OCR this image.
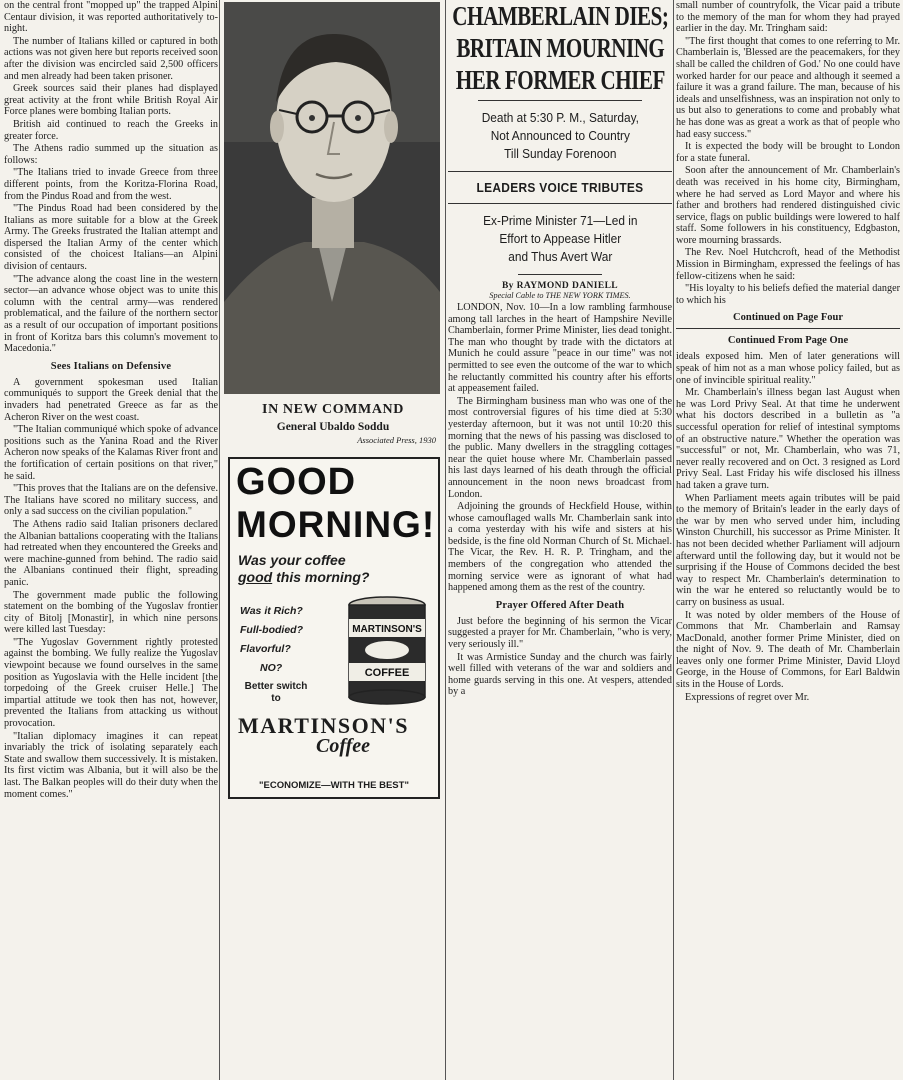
on the central front "mopped up" the trapped Alpini Centaur division, it was reported authoritatively to-night.

The number of Italians killed or captured in both actions was not given here but reports received soon after the division was encircled said 2,500 officers and men already had been taken prisoner.

Greek sources said their planes had displayed great activity at the front while British Royal Air Force planes were bombing Italian ports.

British aid continued to reach the Greeks in greater force.

The Athens radio summed up the situation as follows:

"The Italians tried to invade Greece from three different points, from the Koritza-Florina Road, from the Pindus Road and from the west.

"The Pindus Road had been considered by the Italians as more suitable for a blow at the Greek Army. The Greeks frustrated the Italian attempt and dispersed the Italian Army of the center which consisted of the choicest Italians—an Alpini division of centaurs.

"The advance along the coast line in the western sector—an advance whose object was to unite this column with the central army—was rendered problematical, and the failure of the northern sector as a result of our occupation of important positions in front of Koritza bars this column's movement to Macedonia."

Sees Italians on Defensive

A government spokesman used Italian communiqués to support the Greek denial that the invaders had penetrated Greece as far as the Acheron River on the west coast.

"The Italian communiqué which spoke of advance positions such as the Yanina Road and the River Acheron now speaks of the Kalamas River front and the fortification of certain positions on that river," he said.

"This proves that the Italians are on the defensive. The Italians have scored no military success, and only a sad success on the civilian population."

The Athens radio said Italian prisoners declared the Albanian battalions cooperating with the Italians had retreated when they encountered the Greeks and were machine-gunned from behind. The radio said the Albanians continued their flight, spreading panic.

The government made public the following statement on the bombing of the Yugoslav frontier city of Bitolj [Monastir], in which nine persons were killed last Tuesday:

"The Yugoslav Government rightly protested against the bombing. We fully realize the Yugoslav viewpoint because we found ourselves in the same position as Yugoslavia with the Helle incident [the torpedoing of the Greek cruiser Helle.] The impartial attitude we took then has not, however, prevented the Italians from attacking us without provocation.

"Italian diplomacy imagines it can repeat invariably the trick of isolating separately each State and swallow them successively. It is mistaken. Its first victim was Albania, but it will also be the last. The Balkan peoples will do their duty when the moment comes."

IN NEW COMMAND
General Ubaldo Soddu
Associated Press, 1930
GOOD
MORNING!
Was your coffee
good this morning?
Was it Rich?
Full-bodied?
Flavorful?
NO?
Better switch
to
MARTINSON'S
COFFEE
MARTINSON'S
Coffee
"ECONOMIZE—WITH THE BEST"
CHAMBERLAIN DIES;
BRITAIN MOURNING
HER FORMER CHIEF
Death at 5:30 P. M., Saturday,
Not Announced to Country
Till Sunday Forenoon
LEADERS VOICE TRIBUTES
Ex-Prime Minister 71—Led in
Effort to Appease Hitler
and Thus Avert War
By RAYMOND DANIELL
Special Cable to THE NEW YORK TIMES.

LONDON, Nov. 10—In a low rambling farmhouse among tall larches in the heart of Hampshire Neville Chamberlain, former Prime Minister, lies dead tonight. The man who thought by trade with the dictators at Munich he could assure "peace in our time" was not permitted to see even the outcome of the war to which he reluctantly committed his country after his efforts at appeasement failed.

The Birmingham business man who was one of the most controversial figures of his time died at 5:30 yesterday afternoon, but it was not until 10:20 this morning that the news of his passing was disclosed to the public. Many dwellers in the straggling cottages near the quiet house where Mr. Chamberlain passed his last days learned of his death through the official announcement in the noon news broadcast from London.

Adjoining the grounds of Heckfield House, within whose camouflaged walls Mr. Chamberlain sank into a coma yesterday with his wife and sisters at his bedside, is the fine old Norman Church of St. Michael. The Vicar, the Rev. H. R. P. Tringham, and the members of the congregation who attended the morning service were as ignorant of what had happened among them as the rest of the country.

Prayer Offered After Death

Just before the beginning of his sermon the Vicar suggested a prayer for Mr. Chamberlain, "who is very, very seriously ill."

It was Armistice Sunday and the church was fairly well filled with veterans of the war and soldiers and home guards serving in this one. At vespers, attended by a

small number of countryfolk, the Vicar paid a tribute to the memory of the man for whom they had prayed earlier in the day. Mr. Tringham said:

"The first thought that comes to one referring to Mr. Chamberlain is, 'Blessed are the peacemakers, for they shall be called the children of God.' No one could have worked harder for our peace and although it seemed a failure it was a grand failure. The man, because of his ideals and unselfishness, was an inspiration not only to us but also to generations to come and probably what he has done was as great a work as that of people who had easy success."

It is expected the body will be brought to London for a state funeral.

Soon after the announcement of Mr. Chamberlain's death was received in his home city, Birmingham, where he had served as Lord Mayor and where his father and brothers had rendered distinguished civic service, flags on public buildings were lowered to half staff. Some followers in his constituency, Edgbaston, wore mourning brassards.

The Rev. Noel Hutchcroft, head of the Methodist Mission in Birmingham, expressed the feelings of has fellow-citizens when he said:

"His loyalty to his beliefs defied the material danger to which his

Continued on Page Four
Continued From Page One

ideals exposed him. Men of later generations will speak of him not as a man whose policy failed, but as one of invincible spiritual reality."

Mr. Chamberlain's illness began last August when he was Lord Privy Seal. At that time he underwent what his doctors described in a bulletin as "a successful operation for relief of intestinal symptoms of an obstructive nature." Whether the operation was "successful" or not, Mr. Chamberlain, who was 71, never really recovered and on Oct. 3 resigned as Lord Privy Seal. Last Friday his wife disclosed his illness had taken a grave turn.

When Parliament meets again tributes will be paid to the memory of Britain's leader in the early days of the war by men who served under him, including Winston Churchill, his successor as Prime Minister. It has not been decided whether Parliament will adjourn afterward until the following day, but it would not be surprising if the House of Commons decided the best way to respect Mr. Chamberlain's determination to win the war he entered so reluctantly would be to carry on business as usual.

It was noted by older members of the House of Commons that Mr. Chamberlain and Ramsay MacDonald, another former Prime Minister, died on the night of Nov. 9. The death of Mr. Chamberlain leaves only one former Prime Minister, David Lloyd George, in the House of Commons, for Earl Baldwin sits in the House of Lords.

Expressions of regret over Mr.
